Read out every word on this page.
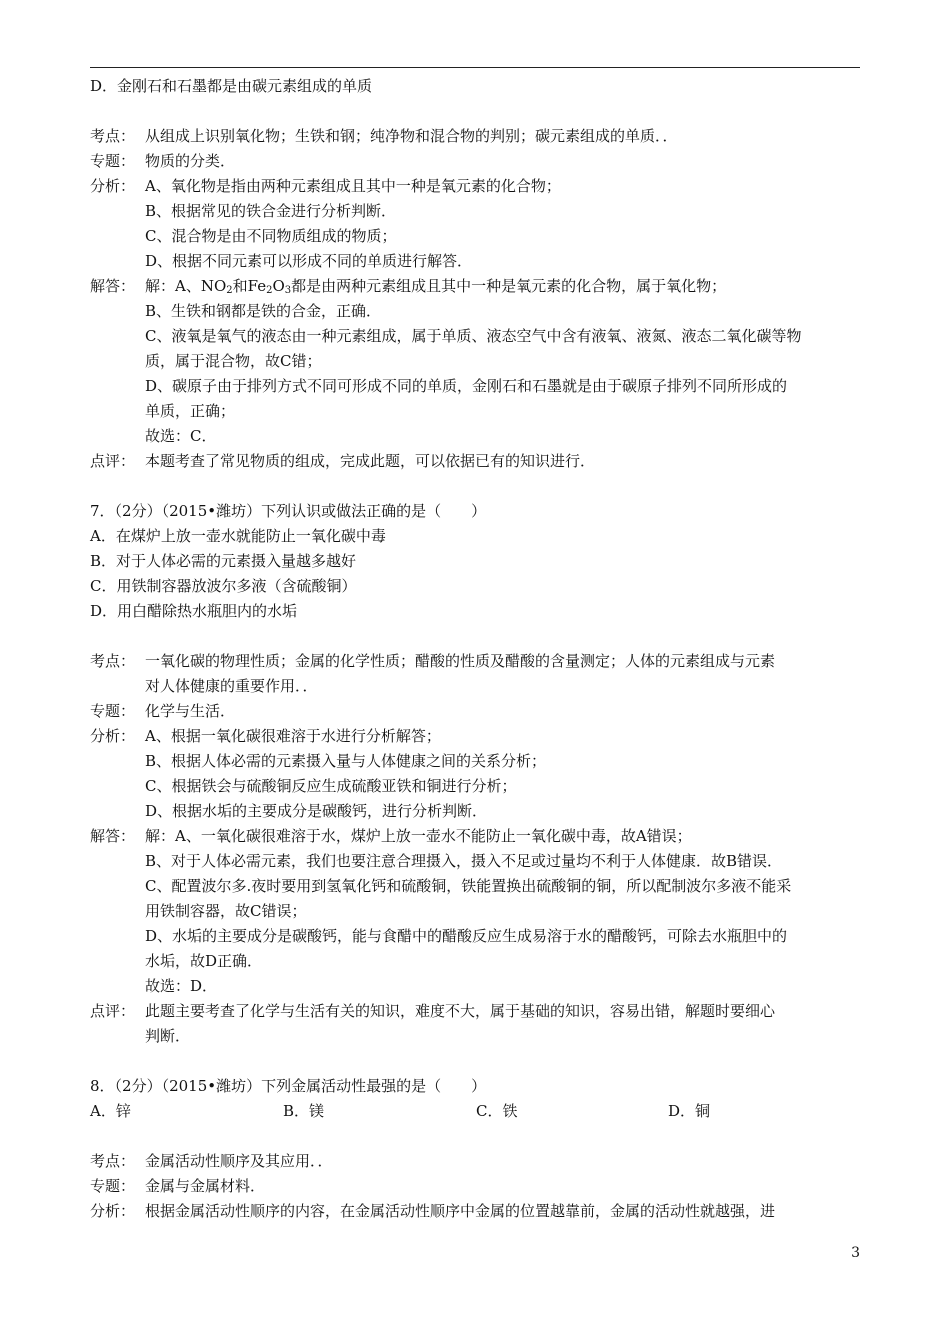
D．金刚石和石墨都是由碳元素组成的单质
考点： 从组成上识别氧化物；生铁和钢；纯净物和混合物的判别；碳元素组成的单质．．
专题： 物质的分类．
分析： A、氧化物是指由两种元素组成且其中一种是氧元素的化合物；
B、根据常见的铁合金进行分析判断．
C、混合物是由不同物质组成的物质；
D、根据不同元素可以形成不同的单质进行解答．
解答： 解：A、$NO_2$和$Fe_2O_3$都是由两种元素组成且其中一种是氧元素的化合物，属于氧化物；
B、生铁和钢都是铁的合金，正确．
C、液氧是氧气的液态由一种元素组成，属于单质、液态空气中含有液氧、液氮、液态二氧化碳等物
质，属于混合物，故C错；
D、碳原子由于排列方式不同可形成不同的单质，金刚石和石墨就是由于碳原子排列不同所形成的
单质，正确；
故选：C．
点评： 本题考查了常见物质的组成，完成此题，可以依据已有的知识进行．
7．（2分）（2015•潍坊）下列认识或做法正确的是（　　）
A．在煤炉上放一壶水就能防止一氧化碳中毒
B．对于人体必需的元素摄入量越多越好
C．用铁制容器放波尔多液（含硫酸铜）
D．用白醋除热水瓶胆内的水垢
考点： 一氧化碳的物理性质；金属的化学性质；醋酸的性质及醋酸的含量测定；人体的元素组成与元素
对人体健康的重要作用．．
专题： 化学与生活．
分析： A、根据一氧化碳很难溶于水进行分析解答；
B、根据人体必需的元素摄入量与人体健康之间的关系分析；
C、根据铁会与硫酸铜反应生成硫酸亚铁和铜进行分析；
D、根据水垢的主要成分是碳酸钙，进行分析判断．
解答： 解：A、一氧化碳很难溶于水，煤炉上放一壶水不能防止一氧化碳中毒，故A错误；
B、对于人体必需元素，我们也要注意合理摄入，摄入不足或过量均不利于人体健康．故B错误．
C、配置波尔多.夜时要用到氢氧化钙和硫酸铜，铁能置换出硫酸铜的铜，所以配制波尔多液不能采
用铁制容器，故C错误；
D、水垢的主要成分是碳酸钙，能与食醋中的醋酸反应生成易溶于水的醋酸钙，可除去水瓶胆中的
水垢，故D正确．
故选：D．
点评： 此题主要考查了化学与生活有关的知识，难度不大，属于基础的知识，容易出错，解题时要细心
判断．
8．（2分）（2015•潍坊）下列金属活动性最强的是（　　）
A．锌	B．镁	C．铁	D．铜
考点： 金属活动性顺序及其应用．．
专题： 金属与金属材料．
分析： 根据金属活动性顺序的内容，在金属活动性顺序中金属的位置越靠前，金属的活动性就越强，进
3
